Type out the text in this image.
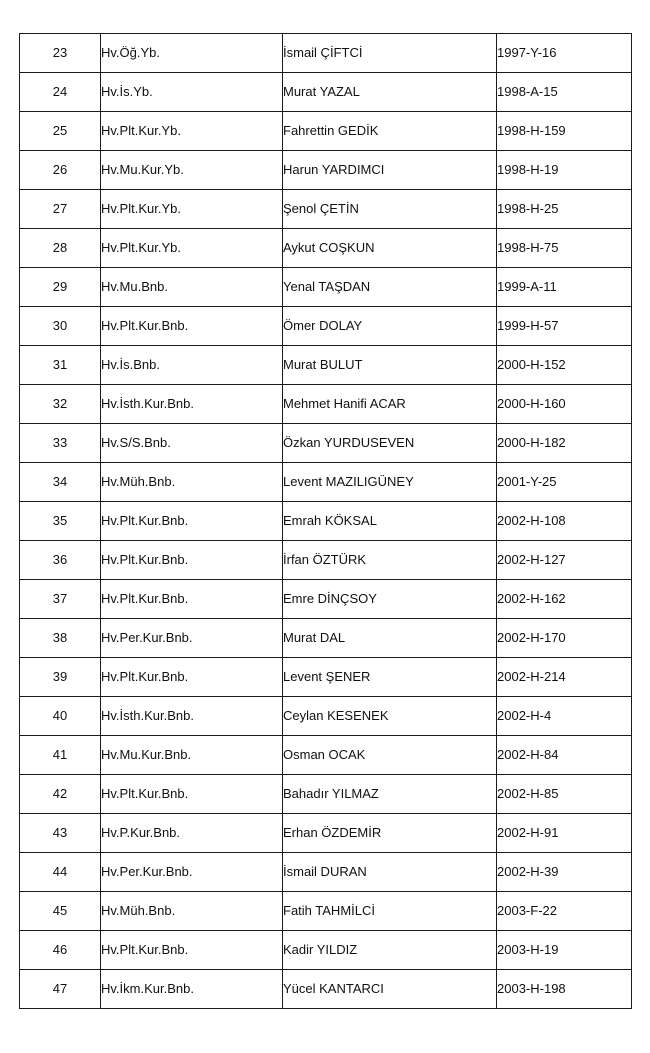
23	Hv.Öğ.Yb.	İsmail ÇİFTCİ	1997-Y-16
24	Hv.İs.Yb.	Murat YAZAL	1998-A-15
25	Hv.Plt.Kur.Yb.	Fahrettin GEDİK	1998-H-159
26	Hv.Mu.Kur.Yb.	Harun YARDIMCI	1998-H-19
27	Hv.Plt.Kur.Yb.	Şenol ÇETİN	1998-H-25
28	Hv.Plt.Kur.Yb.	Aykut COŞKUN	1998-H-75
29	Hv.Mu.Bnb.	Yenal TAŞDAN	1999-A-11
30	Hv.Plt.Kur.Bnb.	Ömer DOLAY	1999-H-57
31	Hv.İs.Bnb.	Murat BULUT	2000-H-152
32	Hv.İsth.Kur.Bnb.	Mehmet Hanifi ACAR	2000-H-160
33	Hv.S/S.Bnb.	Özkan YURDUSEVEN	2000-H-182
34	Hv.Müh.Bnb.	Levent MAZILIGÜNEY	2001-Y-25
35	Hv.Plt.Kur.Bnb.	Emrah KÖKSAL	2002-H-108
36	Hv.Plt.Kur.Bnb.	İrfan ÖZTÜRK	2002-H-127
37	Hv.Plt.Kur.Bnb.	Emre DİNÇSOY	2002-H-162
38	Hv.Per.Kur.Bnb.	Murat DAL	2002-H-170
39	Hv.Plt.Kur.Bnb.	Levent ŞENER	2002-H-214
40	Hv.İsth.Kur.Bnb.	Ceylan KESENEK	2002-H-4
41	Hv.Mu.Kur.Bnb.	Osman OCAK	2002-H-84
42	Hv.Plt.Kur.Bnb.	Bahadır YILMAZ	2002-H-85
43	Hv.P.Kur.Bnb.	Erhan ÖZDEMİR	2002-H-91
44	Hv.Per.Kur.Bnb.	İsmail DURAN	2002-H-39
45	Hv.Müh.Bnb.	Fatih TAHMİLCİ	2003-F-22
46	Hv.Plt.Kur.Bnb.	Kadir YILDIZ	2003-H-19
47	Hv.İkm.Kur.Bnb.	Yücel KANTARCI	2003-H-198
